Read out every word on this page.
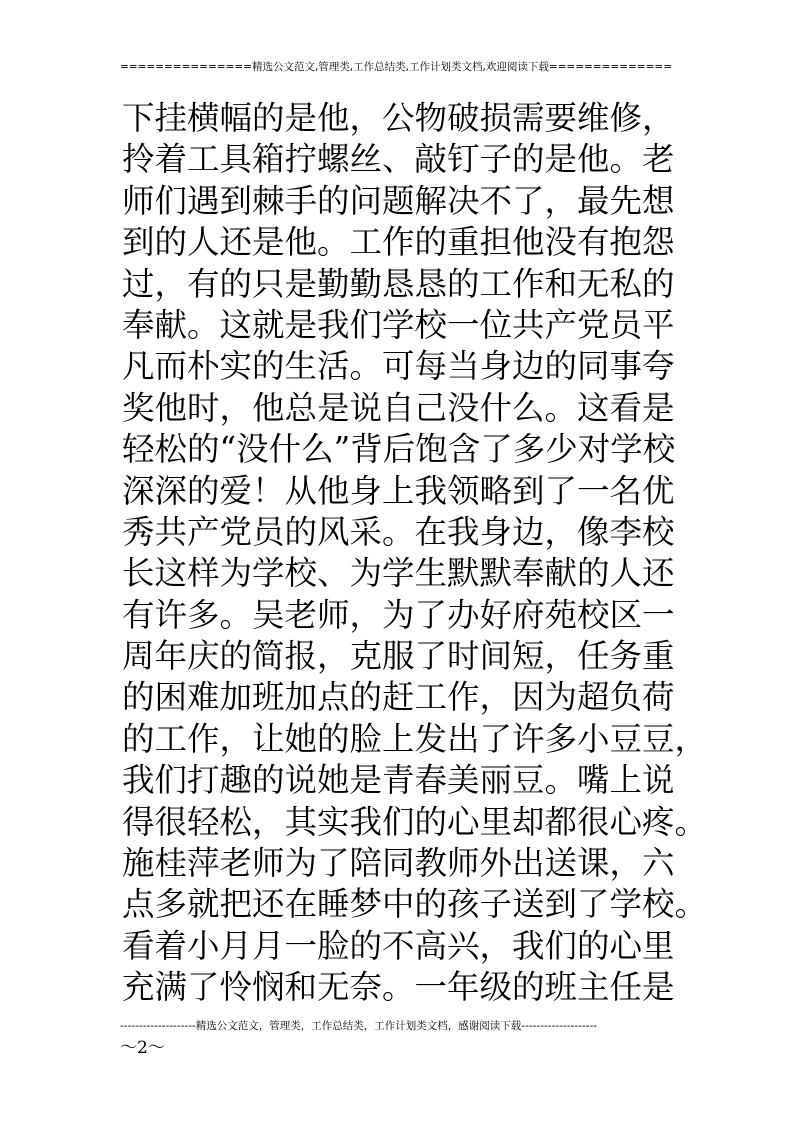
===============精选公文范文,管理类,工作总结类,工作计划类文档,欢迎阅读下载==============
下挂横幅的是他，公物破损需要维修，
拎着工具箱拧螺丝、敲钉子的是他。老
师们遇到棘手的问题解决不了，最先想
到的人还是他。工作的重担他没有抱怨
过，有的只是勤勤恳恳的工作和无私的
奉献。这就是我们学校一位共产党员平
凡而朴实的生活。可每当身边的同事夸
奖他时，他总是说自己没什么。这看是
轻松的“没什么”背后饱含了多少对学校
深深的爱！从他身上我领略到了一名优
秀共产党员的风采。在我身边，像李校
长这样为学校、为学生默默奉献的人还
有许多。吴老师，为了办好府苑校区一
周年庆的简报，克服了时间短，任务重
的困难加班加点的赶工作，因为超负荷
的工作，让她的脸上发出了许多小豆豆，
我们打趣的说她是青春美丽豆。嘴上说
得很轻松，其实我们的心里却都很心疼。
施桂萍老师为了陪同教师外出送课，六
点多就把还在睡梦中的孩子送到了学校。
看着小月月一脸的不高兴，我们的心里
充满了怜悯和无奈。一年级的班主任是
--------------------精选公文范文，管理类，工作总结类，工作计划类文档，感谢阅读下载--------------------
～2～
